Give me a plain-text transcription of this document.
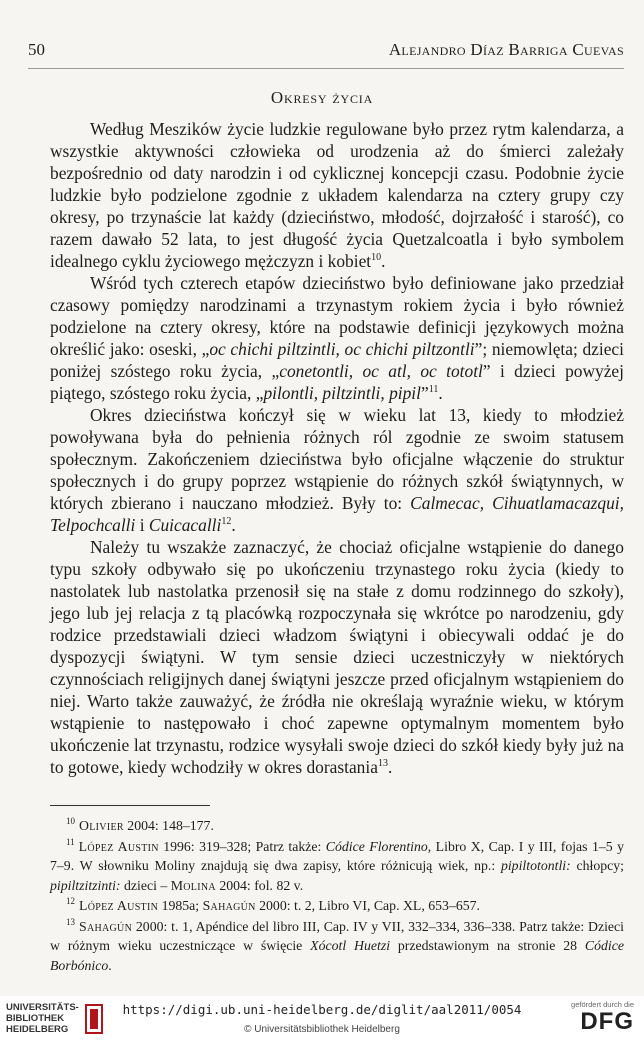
50	Alejandro Díaz Barriga Cuevas
Okresy życia

Według Meszików życie ludzkie regulowane było przez rytm kalendarza, a wszystkie aktywności człowieka od urodzenia aż do śmierci zależały bezpośrednio od daty narodzin i od cyklicznej koncepcji czasu. Podobnie życie ludzkie było podzielone zgodnie z układem kalendarza na cztery grupy czy okresy, po trzynaście lat każdy (dzieciństwo, młodość, dojrzałość i starość), co razem dawało 52 lata, to jest długość życia Quetzalcoatla i było symbolem idealnego cyklu życiowego mężczyzn i kobiet$^{10}$.

Wśród tych czterech etapów dzieciństwo było definiowane jako przedział czasowy pomiędzy narodzinami a trzynastym rokiem życia i było również podzielone na cztery okresy, które na podstawie definicji językowych można określić jako: oseski, „oc chichi piltzintli, oc chichi piltzontli”; niemowlęta; dzieci poniżej szóstego roku życia, „conetontli, oc atl, oc tototl” i dzieci powyżej piątego, szóstego roku życia, „pilontli, piltzintli, pipil”$^{11}$.

Okres dzieciństwa kończył się w wieku lat 13, kiedy to młodzież powoływana była do pełnienia różnych ról zgodnie ze swoim statusem społecznym. Zakończeniem dzieciństwa było oficjalne włączenie do struktur społecznych i do grupy poprzez wstąpienie do różnych szkół świątynnych, w których zbierano i nauczano młodzież. Były to: Calmecac, Cihuatlamacazqui, Telpochcalli i Cuicacalli$^{12}$.

Należy tu wszakże zaznaczyć, że chociaż oficjalne wstąpienie do danego typu szkoły odbywało się po ukończeniu trzynastego roku życia (kiedy to nastolatek lub nastolatka przenosił się na stałe z domu rodzinnego do szkoły), jego lub jej relacja z tą placówką rozpoczynała się wkrótce po narodzeniu, gdy rodzice przedstawiali dzieci władzom świątyni i obiecywali oddać je do dyspozycji świątyni. W tym sensie dzieci uczestniczyły w niektórych czynnościach religijnych danej świątyni jeszcze przed oficjalnym wstąpieniem do niej. Warto także zauważyć, że źródła nie określają wyraźnie wieku, w którym wstąpienie to następowało i choć zapewne optymalnym momentem było ukończenie lat trzynastu, rodzice wysyłali swoje dzieci do szkół kiedy były już na to gotowe, kiedy wchodziły w okres dorastania$^{13}$.

$^{10}$ Olivier 2004: 148–177.

$^{11}$ López Austin 1996: 319–328; Patrz także: Códice Florentino, Libro X, Cap. I y III, fojas 1–5 y 7–9. W słowniku Moliny znajdują się dwa zapisy, które różnicują wiek, np.: pipiltotontli: chłopcy; pipiltzitzinti: dzieci – Molina 2004: fol. 82 v.

$^{12}$ López Austin 1985a; Sahagún 2000: t. 2, Libro VI, Cap. XL, 653–657.

$^{13}$ Sahagún 2000: t. 1, Apéndice del libro III, Cap. IV y VII, 332–334, 336–338. Patrz także: Dzieci w różnym wieku uczestniczące w święcie Xócotl Huetzi przedstawionym na stronie 28 Códice Borbónico.

UNIVERSITÄTS-
BIBLIOTHEK
HEIDELBERG
https://digi.ub.uni-heidelberg.de/diglit/aal2011/0054
© Universitätsbibliothek Heidelberg
gefördert durch die
DFG
